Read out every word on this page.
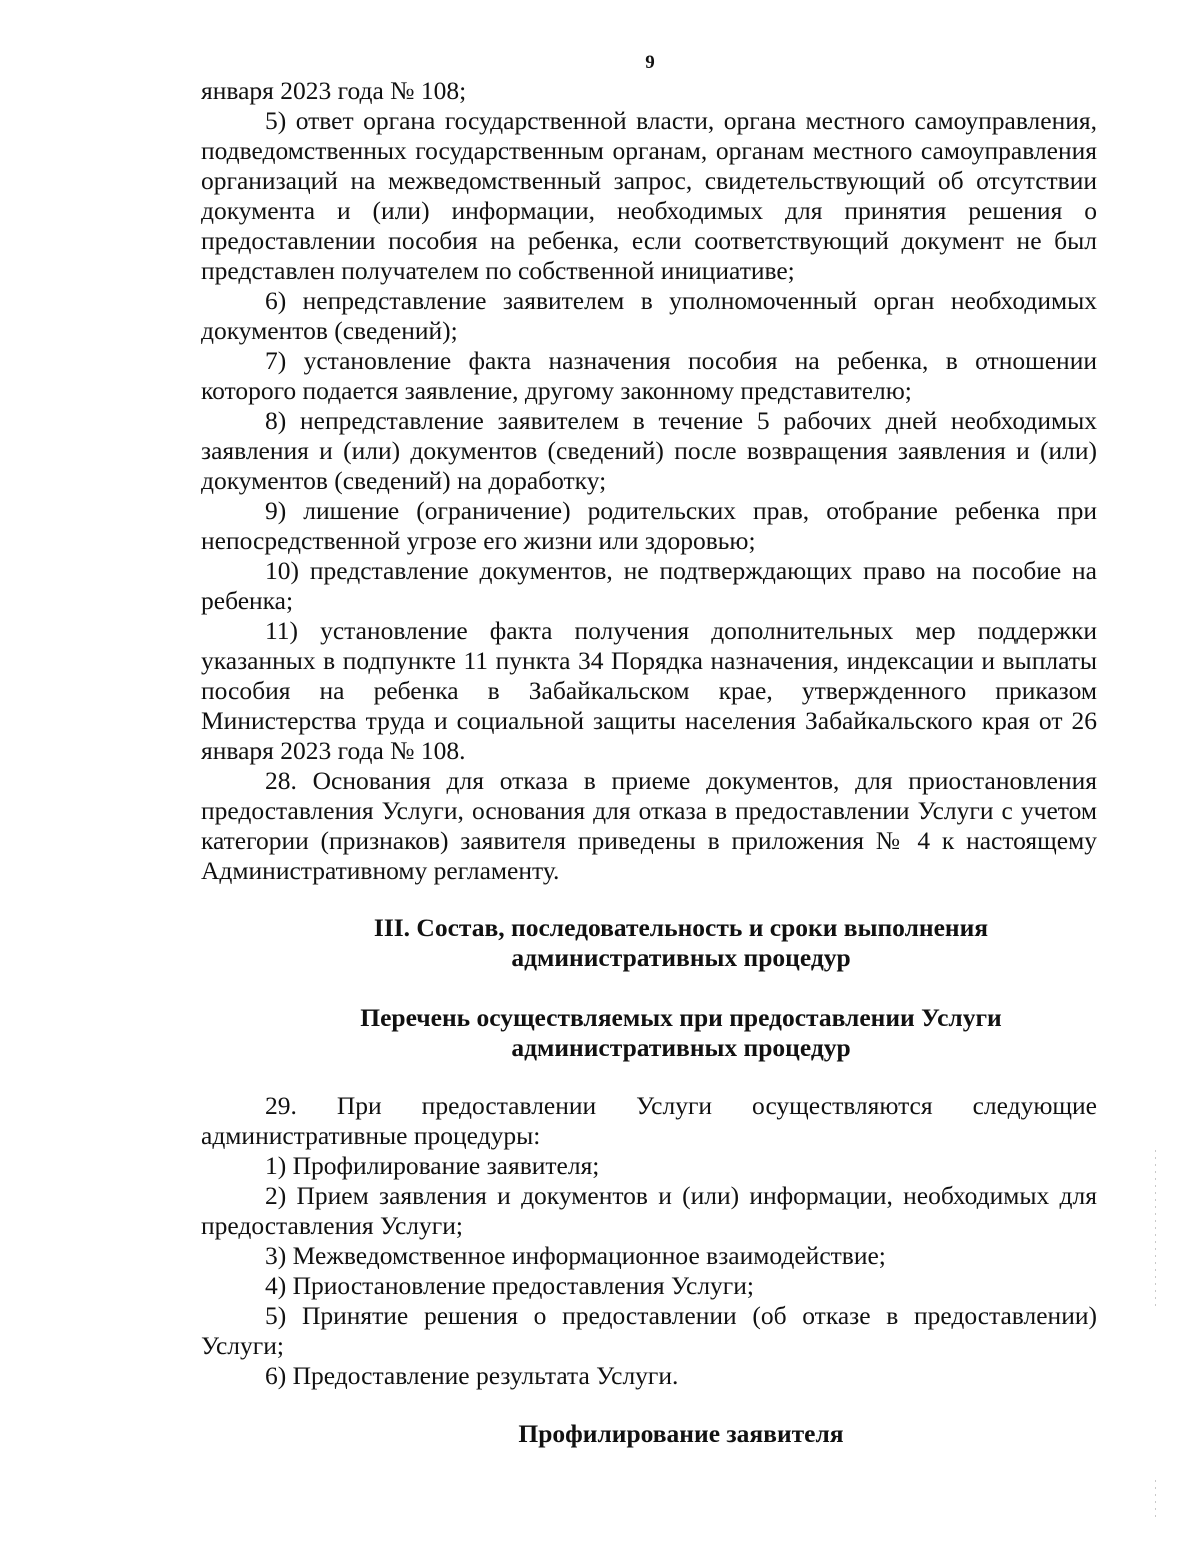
9

января 2023 года № 108;

5) ответ органа государственной власти, органа местного самоуправления, подведомственных государственным органам, органам местного самоуправления организаций на межведомственный запрос, свидетельствующий об отсутствии документа и (или) информации, необходимых для принятия решения о предоставлении пособия на ребенка, если соответствующий документ не был представлен получателем по собственной инициативе;

6) непредставление заявителем в уполномоченный орган необходимых документов (сведений);

7) установление факта назначения пособия на ребенка, в отношении которого подается заявление, другому законному представителю;

8) непредставление заявителем в течение 5 рабочих дней необходимых заявления и (или) документов (сведений) после возвращения заявления и (или) документов (сведений) на доработку;

9) лишение (ограничение) родительских прав, отобрание ребенка при непосредственной угрозе его жизни или здоровью;

10) представление документов, не подтверждающих право на пособие на ребенка;

11) установление факта получения дополнительных мер поддержки указанных в подпункте 11 пункта 34 Порядка назначения, индексации и выплаты пособия на ребенка в Забайкальском крае, утвержденного приказом Министерства труда и социальной защиты населения Забайкальского края от 26 января 2023 года № 108.

28. Основания для отказа в приеме документов, для приостановления предоставления Услуги, основания для отказа в предоставлении Услуги с учетом категории (признаков) заявителя приведены в приложения № 4 к настоящему Административному регламенту.

III. Состав, последовательность и сроки выполнения
административных процедур
Перечень осуществляемых при предоставлении Услуги
административных процедур

29. При предоставлении Услуги осуществляются следующие административные процедуры:

1) Профилирование заявителя;

2) Прием заявления и документов и (или) информации, необходимых для предоставления Услуги;

3) Межведомственное информационное взаимодействие;

4) Приостановление предоставления Услуги;

5) Принятие решения о предоставлении (об отказе в предоставлении) Услуги;

6) Предоставление результата Услуги.

Профилирование заявителя
